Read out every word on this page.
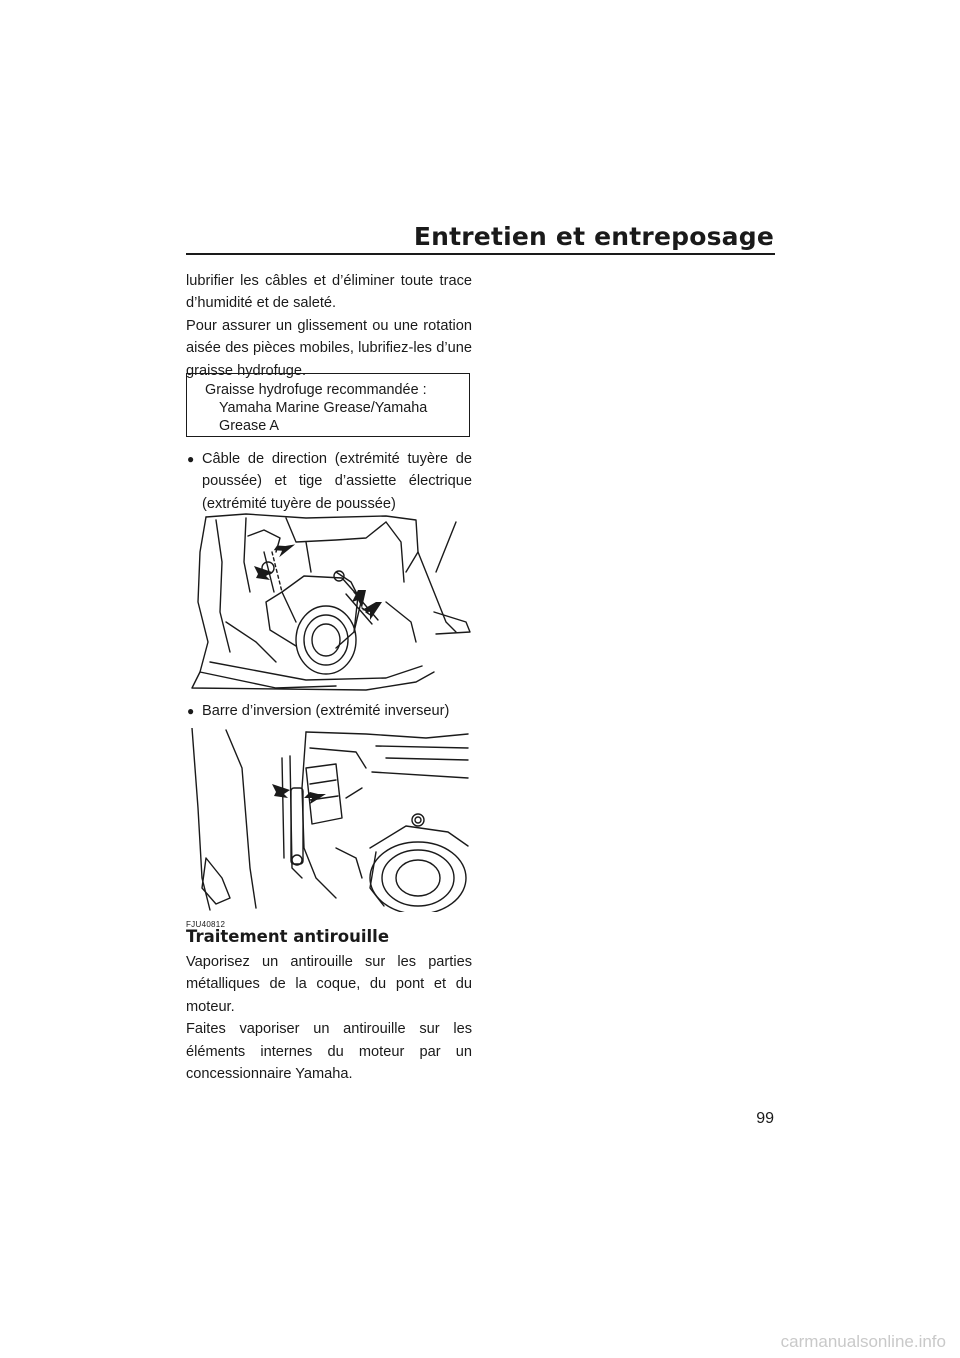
Entretien et entreposage

lubrifier les câbles et d’éliminer toute trace d’humidité et de saleté.

Pour assurer un glissement ou une rotation aisée des pièces mobiles, lubrifiez-les d’une graisse hydrofuge.

Graisse hydrofuge recommandée :
Yamaha Marine Grease/Yamaha Grease A
● Câble de direction (extrémité tuyère de poussée) et tige d’assiette électrique (extrémité tuyère de poussée)
● Barre d’inversion (extrémité inverseur)
FJU40812
Traitement antirouille

Vaporisez un antirouille sur les parties métalliques de la coque, du pont et du moteur.

Faites vaporiser un antirouille sur les éléments internes du moteur par un concessionnaire Yamaha.

99
carmanualsonline.info
